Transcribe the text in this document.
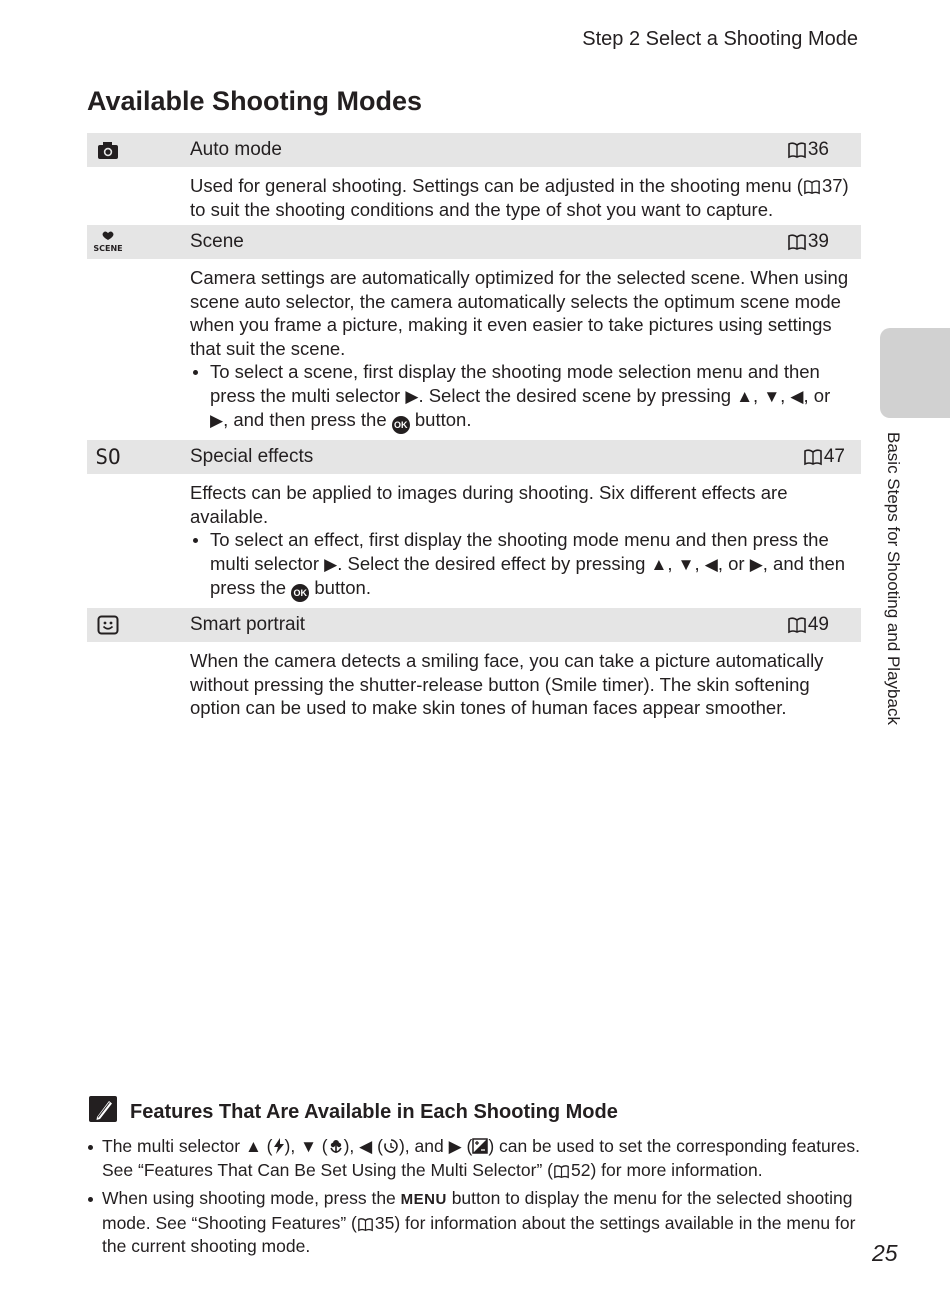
Step 2 Select a Shooting Mode
Available Shooting Modes
Auto mode	36

Used for general shooting. Settings can be adjusted in the shooting menu ( 37) to suit the shooting conditions and the type of shot you want to capture.

SCENE	Scene	39

Camera settings are automatically optimized for the selected scene. When using scene auto selector, the camera automatically selects the optimum scene mode when you frame a picture, making it even easier to take pictures using settings that suit the scene.

To select a scene, first display the shooting mode selection menu and then press the multi selector ▶. Select the desired scene by pressing ▲, ▼, ◀, or ▶, and then press the OK button.

SO	Special effects	47

Effects can be applied to images during shooting. Six different effects are available.

To select an effect, first display the shooting mode menu and then press the multi selector ▶. Select the desired effect by pressing ▲, ▼, ◀, or ▶, and then press the OK button.

Smart portrait	49

When the camera detects a smiling face, you can take a picture automatically without pressing the shutter-release button (Smile timer). The skin softening option can be used to make skin tones of human faces appear smoother.	Basic Steps for Shooting and Playback
Features That Are Available in Each Shooting Mode
The multi selector ▲ ( ), ▼ ( ), ◀ ( ), and ▶ ( ) can be used to set the corresponding features. See “Features That Can Be Set Using the Multi Selector” ( 52) for more information.
When using shooting mode, press the MENU button to display the menu for the selected shooting mode. See “Shooting Features” ( 35) for information about the settings available in the menu for the current shooting mode.	25
